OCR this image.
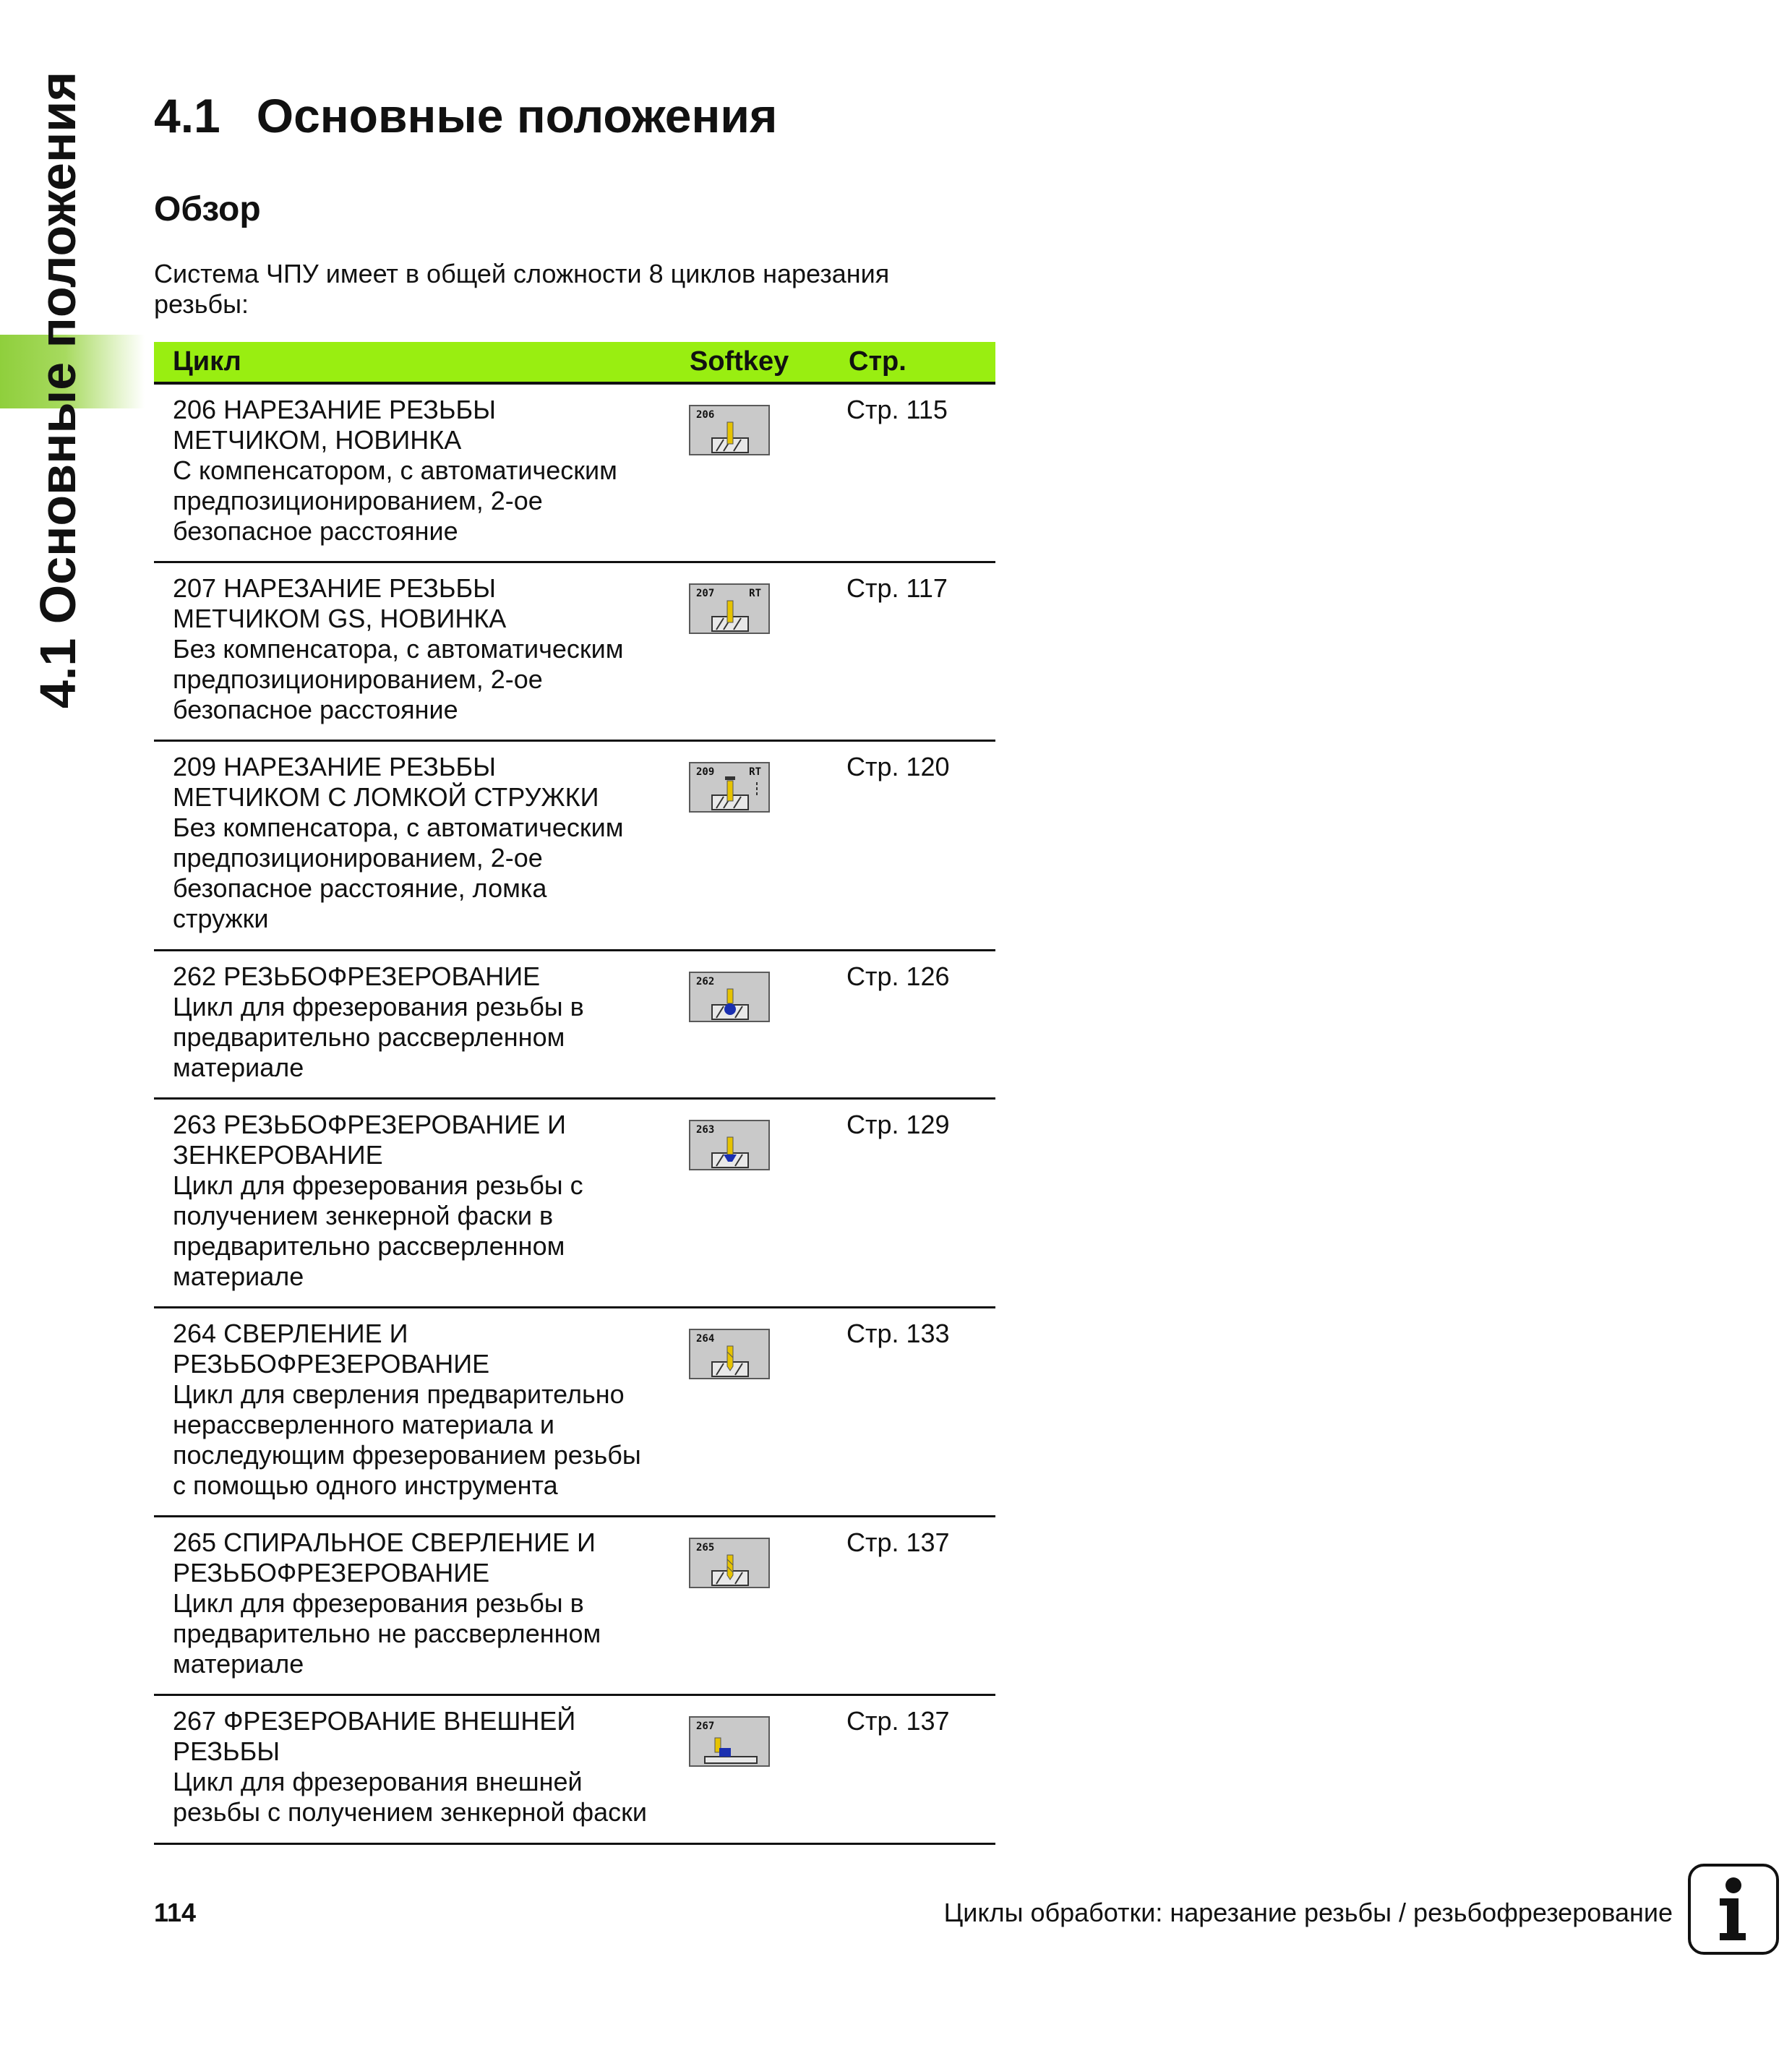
4.1 Основные положения 4.1 Основные положения
Обзор

Система ЧПУ имеет в общей сложности 8 циклов нарезания резьбы:

Цикл	Softkey	Стр.
206 НАРЕЗАНИЕ РЕЗЬБЫ
МЕТЧИКОМ, НОВИНКА
С компенсатором, с автоматическим
предпозиционированием, 2-ое
безопасное расстояние
206	Стр. 115
207 НАРЕЗАНИЕ РЕЗЬБЫ
МЕТЧИКОМ GS, НОВИНКА
Без компенсатора, с автоматическим
предпозиционированием, 2-ое
безопасное расстояние
207	RT	Стр. 117
209 НАРЕЗАНИЕ РЕЗЬБЫ
МЕТЧИКОМ С ЛОМКОЙ СТРУЖКИ
Без компенсатора, с автоматическим
предпозиционированием, 2-ое
безопасное расстояние, ломка
стружки
209	RT	Стр. 120
262 РЕЗЬБОФРЕЗЕРОВАНИЕ
Цикл для фрезерования резьбы в
предварительно рассверленном
материале
262	Стр. 126
263 РЕЗЬБОФРЕЗЕРОВАНИЕ И
ЗЕНКЕРОВАНИЕ
Цикл для фрезерования резьбы с
получением зенкерной фаски в
предварительно рассверленном
материале
263	Стр. 129
264 СВЕРЛЕНИЕ И
РЕЗЬБОФРЕЗЕРОВАНИЕ
Цикл для сверления предварительно
нерассверленного материала и
последующим фрезерованием резьбы
с помощью одного инструмента
264	Стр. 133
265 СПИРАЛЬНОЕ СВЕРЛЕНИЕ И
РЕЗЬБОФРЕЗЕРОВАНИЕ
Цикл для фрезерования резьбы в
предварительно не рассверленном
материале
265	Стр. 137
267 ФРЕЗЕРОВАНИЕ ВНЕШНЕЙ
РЕЗЬБЫ
Цикл для фрезерования внешней
резьбы с получением зенкерной фаски
267	Стр. 137
114	Циклы обработки: нарезание резьбы / резьбофрезерование
